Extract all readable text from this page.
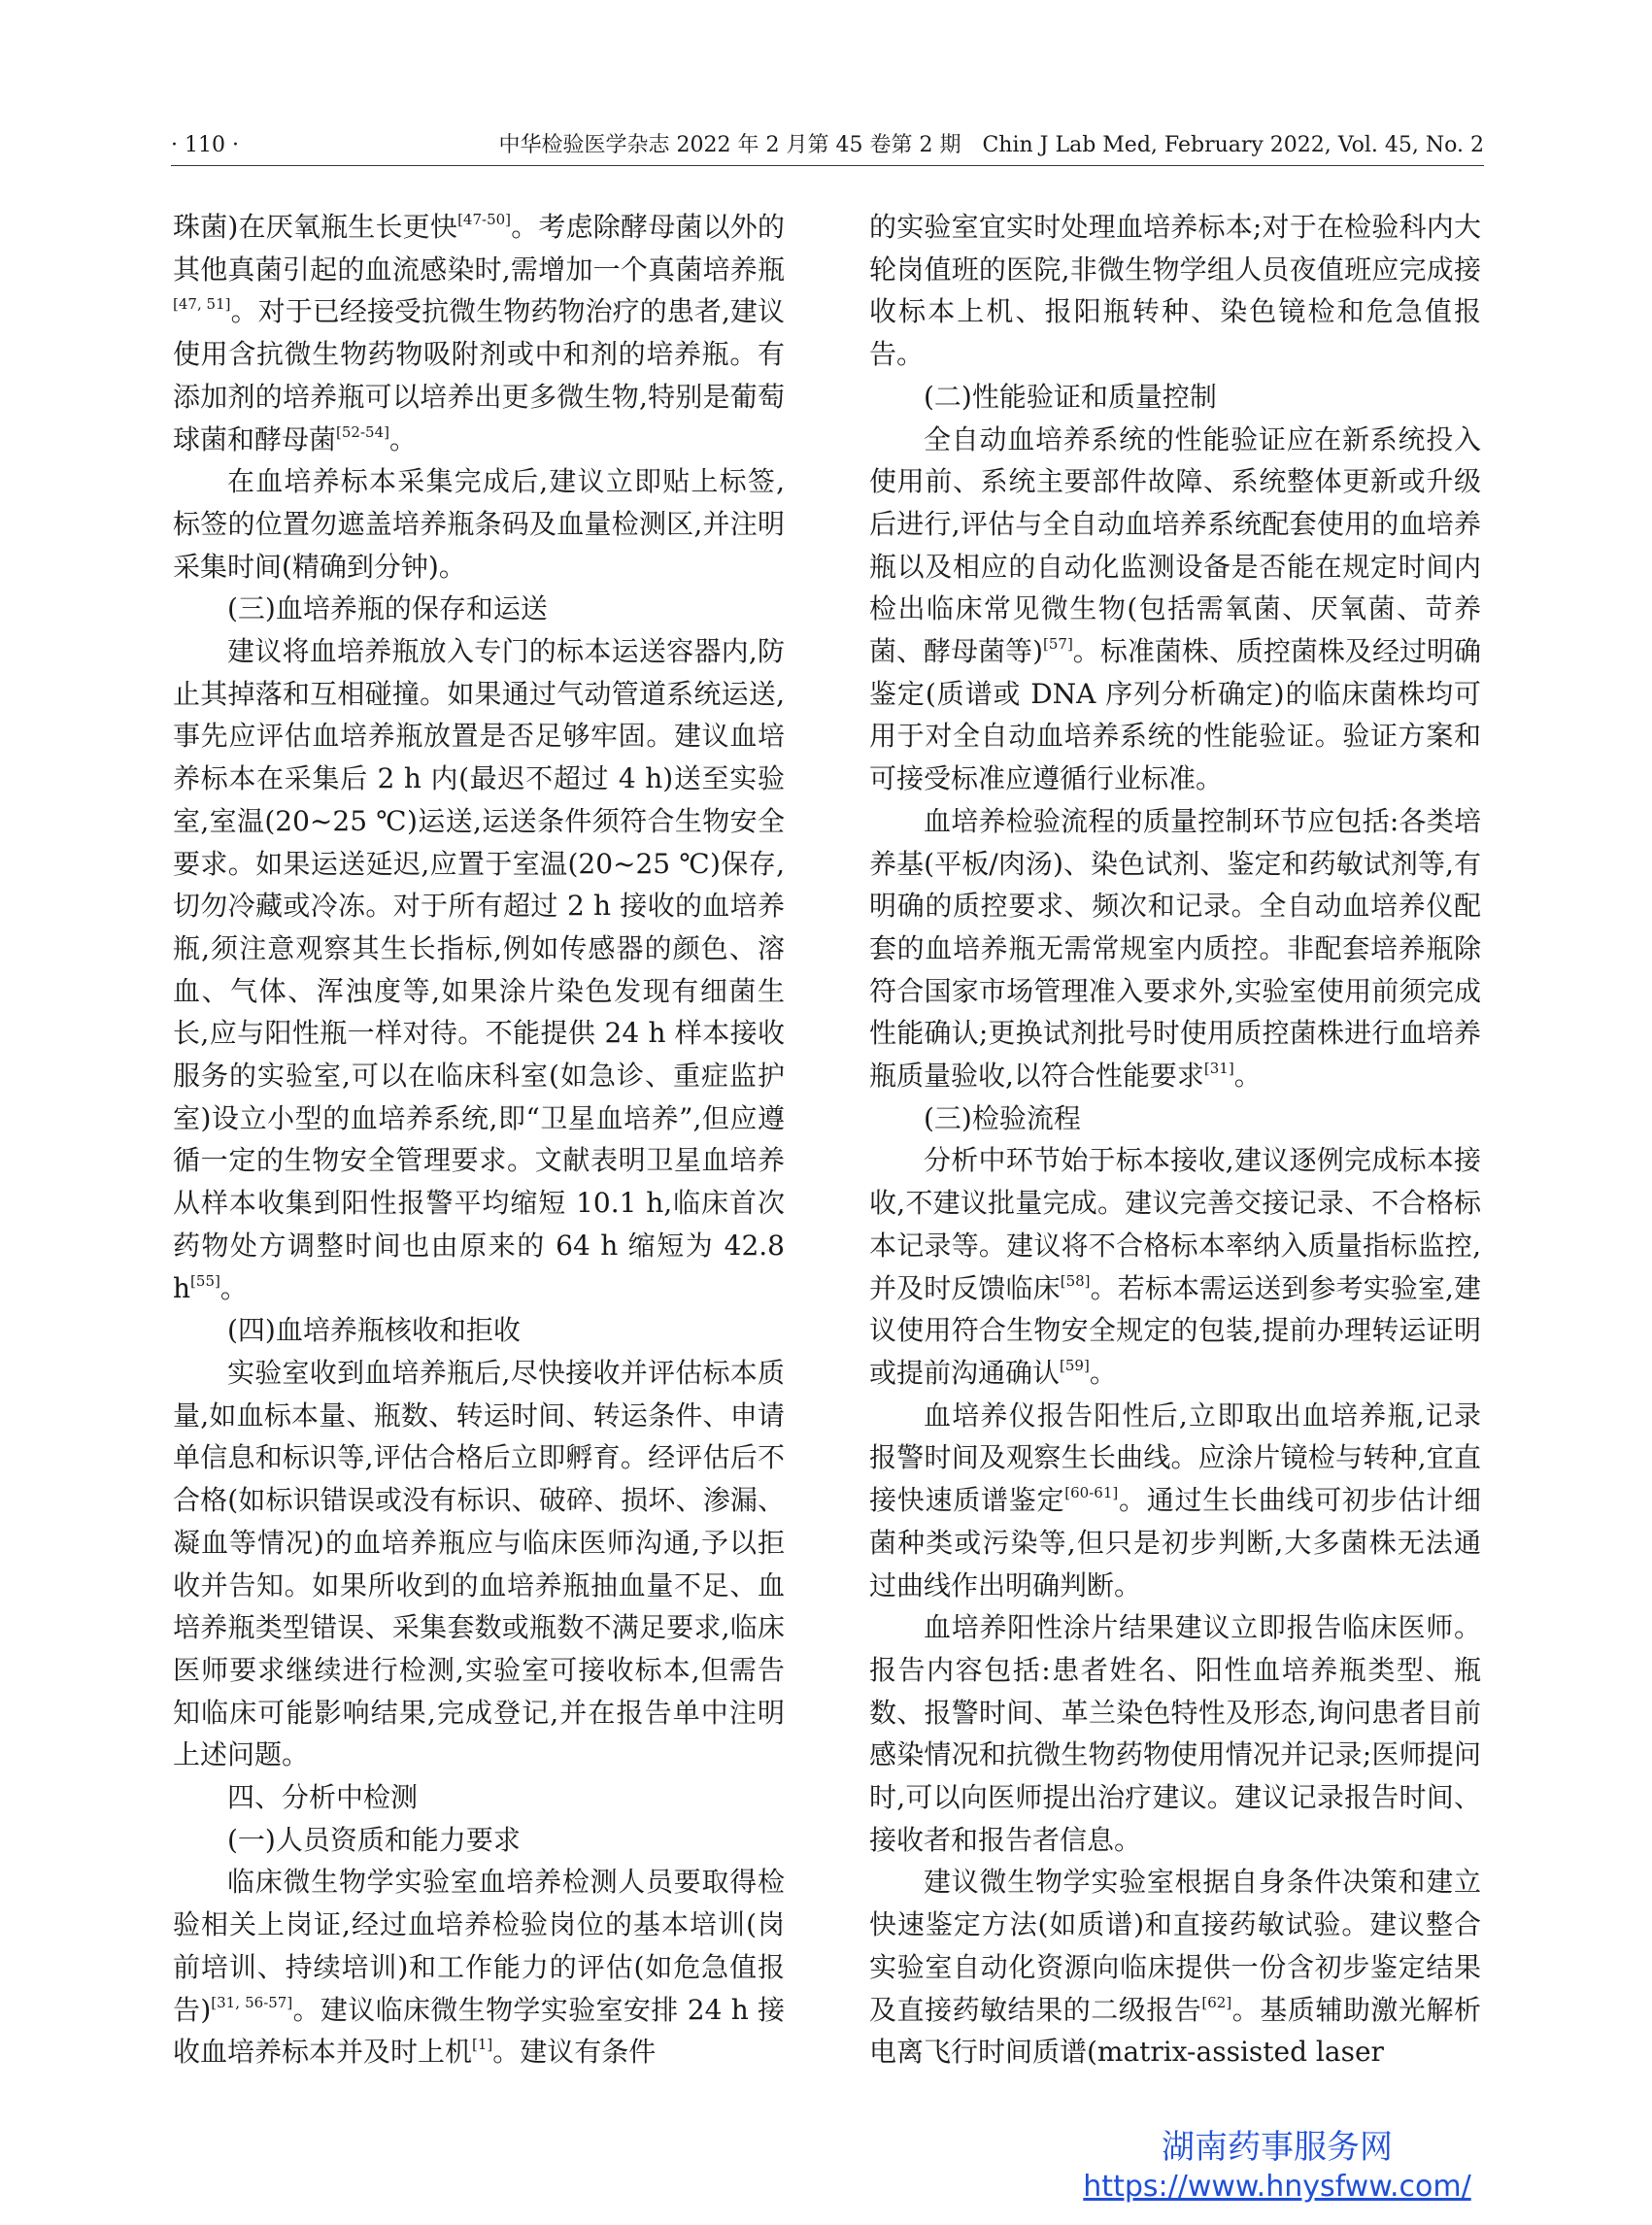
· 110 ·	中华检验医学杂志 2022 年 2 月第 45 卷第 2 期　Chin J Lab Med, February 2022, Vol. 45, No. 2

珠菌)在厌氧瓶生长更快[47-50]。考虑除酵母菌以外的其他真菌引起的血流感染时,需增加一个真菌培养瓶[47, 51]。对于已经接受抗微生物药物治疗的患者,建议使用含抗微生物药物吸附剂或中和剂的培养瓶。有添加剂的培养瓶可以培养出更多微生物,特别是葡萄球菌和酵母菌[52-54]。

在血培养标本采集完成后,建议立即贴上标签,标签的位置勿遮盖培养瓶条码及血量检测区,并注明采集时间(精确到分钟)。

(三)血培养瓶的保存和运送

建议将血培养瓶放入专门的标本运送容器内,防止其掉落和互相碰撞。如果通过气动管道系统运送,事先应评估血培养瓶放置是否足够牢固。建议血培养标本在采集后 2 h 内(最迟不超过 4 h)送至实验室,室温(20~25 ℃)运送,运送条件须符合生物安全要求。如果运送延迟,应置于室温(20~25 ℃)保存,切勿冷藏或冷冻。对于所有超过 2 h 接收的血培养瓶,须注意观察其生长指标,例如传感器的颜色、溶血、气体、浑浊度等,如果涂片染色发现有细菌生长,应与阳性瓶一样对待。不能提供 24 h 样本接收服务的实验室,可以在临床科室(如急诊、重症监护室)设立小型的血培养系统,即“卫星血培养”,但应遵循一定的生物安全管理要求。文献表明卫星血培养从样本收集到阳性报警平均缩短 10.1 h,临床首次药物处方调整时间也由原来的 64 h 缩短为 42.8 h[55]。

(四)血培养瓶核收和拒收

实验室收到血培养瓶后,尽快接收并评估标本质量,如血标本量、瓶数、转运时间、转运条件、申请单信息和标识等,评估合格后立即孵育。经评估后不合格(如标识错误或没有标识、破碎、损坏、渗漏、凝血等情况)的血培养瓶应与临床医师沟通,予以拒收并告知。如果所收到的血培养瓶抽血量不足、血培养瓶类型错误、采集套数或瓶数不满足要求,临床医师要求继续进行检测,实验室可接收标本,但需告知临床可能影响结果,完成登记,并在报告单中注明上述问题。

四、分析中检测

(一)人员资质和能力要求

临床微生物学实验室血培养检测人员要取得检验相关上岗证,经过血培养检验岗位的基本培训(岗前培训、持续培训)和工作能力的评估(如危急值报告)[31, 56-57]。建议临床微生物学实验室安排 24 h 接收血培养标本并及时上机[1]。建议有条件

的实验室宜实时处理血培养标本;对于在检验科内大轮岗值班的医院,非微生物学组人员夜值班应完成接收标本上机、报阳瓶转种、染色镜检和危急值报告。

(二)性能验证和质量控制

全自动血培养系统的性能验证应在新系统投入使用前、系统主要部件故障、系统整体更新或升级后进行,评估与全自动血培养系统配套使用的血培养瓶以及相应的自动化监测设备是否能在规定时间内检出临床常见微生物(包括需氧菌、厌氧菌、苛养菌、酵母菌等)[57]。标准菌株、质控菌株及经过明确鉴定(质谱或 DNA 序列分析确定)的临床菌株均可用于对全自动血培养系统的性能验证。验证方案和可接受标准应遵循行业标准。

血培养检验流程的质量控制环节应包括:各类培养基(平板/肉汤)、染色试剂、鉴定和药敏试剂等,有明确的质控要求、频次和记录。全自动血培养仪配套的血培养瓶无需常规室内质控。非配套培养瓶除符合国家市场管理准入要求外,实验室使用前须完成性能确认;更换试剂批号时使用质控菌株进行血培养瓶质量验收,以符合性能要求[31]。

(三)检验流程

分析中环节始于标本接收,建议逐例完成标本接收,不建议批量完成。建议完善交接记录、不合格标本记录等。建议将不合格标本率纳入质量指标监控,并及时反馈临床[58]。若标本需运送到参考实验室,建议使用符合生物安全规定的包装,提前办理转运证明或提前沟通确认[59]。

血培养仪报告阳性后,立即取出血培养瓶,记录报警时间及观察生长曲线。应涂片镜检与转种,宜直接快速质谱鉴定[60-61]。通过生长曲线可初步估计细菌种类或污染等,但只是初步判断,大多菌株无法通过曲线作出明确判断。

血培养阳性涂片结果建议立即报告临床医师。报告内容包括:患者姓名、阳性血培养瓶类型、瓶数、报警时间、革兰染色特性及形态,询问患者目前感染情况和抗微生物药物使用情况并记录;医师提问时,可以向医师提出治疗建议。建议记录报告时间、接收者和报告者信息。

建议微生物学实验室根据自身条件决策和建立快速鉴定方法(如质谱)和直接药敏试验。建议整合实验室自动化资源向临床提供一份含初步鉴定结果及直接药敏结果的二级报告[62]。基质辅助激光解析电离飞行时间质谱(matrix-assisted laser

湖南药事服务网
https://www.hnysfww.com/
